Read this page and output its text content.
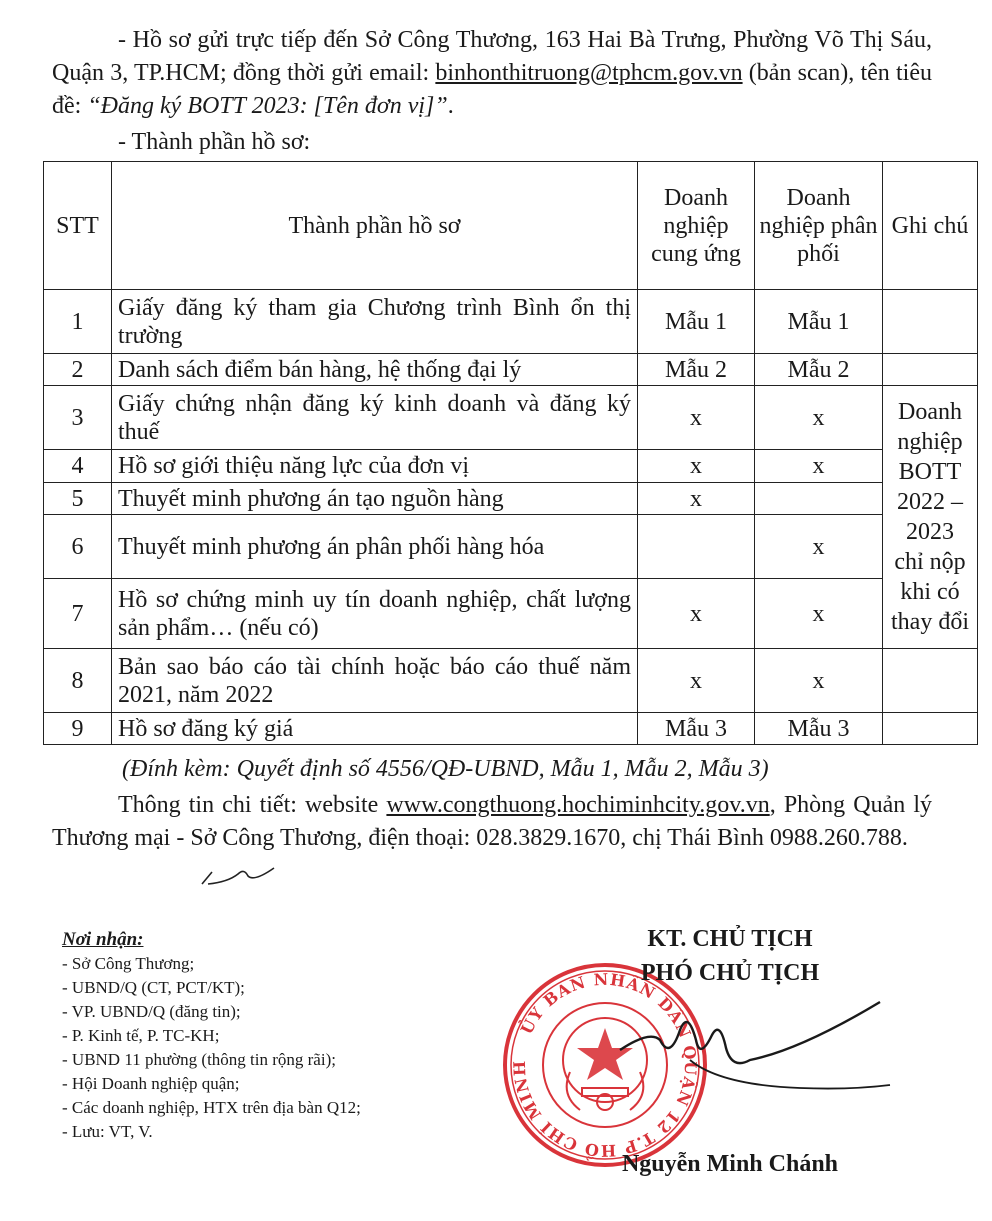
- Hồ sơ gửi trực tiếp đến Sở Công Thương, 163 Hai Bà Trưng, Phường Võ Thị Sáu, Quận 3, TP.HCM; đồng thời gửi email: binhonthitruong@tphcm.gov.vn (bản scan), tên tiêu đề: “Đăng ký BOTT 2023: [Tên đơn vị]”.
- Thành phần hồ sơ:
STT	Thành phần hồ sơ	Doanh nghiệp cung ứng	Doanh nghiệp phân phối	Ghi chú
1	Giấy đăng ký tham gia Chương trình Bình ổn thị trường	Mẫu 1	Mẫu 1	
2	Danh sách điểm bán hàng, hệ thống đại lý	Mẫu 2	Mẫu 2	
3	Giấy chứng nhận đăng ký kinh doanh và đăng ký thuế	x	x	Doanh nghiệp BOTT 2022 – 2023 chỉ nộp khi có thay đổi
4	Hồ sơ giới thiệu năng lực của đơn vị	x	x	
5	Thuyết minh phương án tạo nguồn hàng	x		
6	Thuyết minh phương án phân phối hàng hóa		x	
7	Hồ sơ chứng minh uy tín doanh nghiệp, chất lượng sản phẩm… (nếu có)	x	x	
8	Bản sao báo cáo tài chính hoặc báo cáo thuế năm 2021, năm 2022	x	x	
9	Hồ sơ đăng ký giá	Mẫu 3	Mẫu 3	
(Đính kèm: Quyết định số 4556/QĐ-UBND, Mẫu 1, Mẫu 2, Mẫu 3)
Thông tin chi tiết: website www.congthuong.hochiminhcity.gov.vn, Phòng Quản lý Thương mại - Sở Công Thương, điện thoại: 028.3829.1670, chị Thái Bình 0988.260.788.
Nơi nhận:
- Sở Công Thương;
- UBND/Q (CT, PCT/KT);
- VP. UBND/Q (đăng tin);
- P. Kinh tế, P. TC-KH;
- UBND 11 phường (thông tin rộng rãi);
- Hội Doanh nghiệp quận;
- Các doanh nghiệp, HTX trên địa bàn Q12;
- Lưu: VT, V.
ỦY BAN NHÂN DÂN QUẬN 12 T.P HỒ CHÍ MINH
KT. CHỦ TỊCH
PHÓ CHỦ TỊCH
Nguyễn Minh Chánh
